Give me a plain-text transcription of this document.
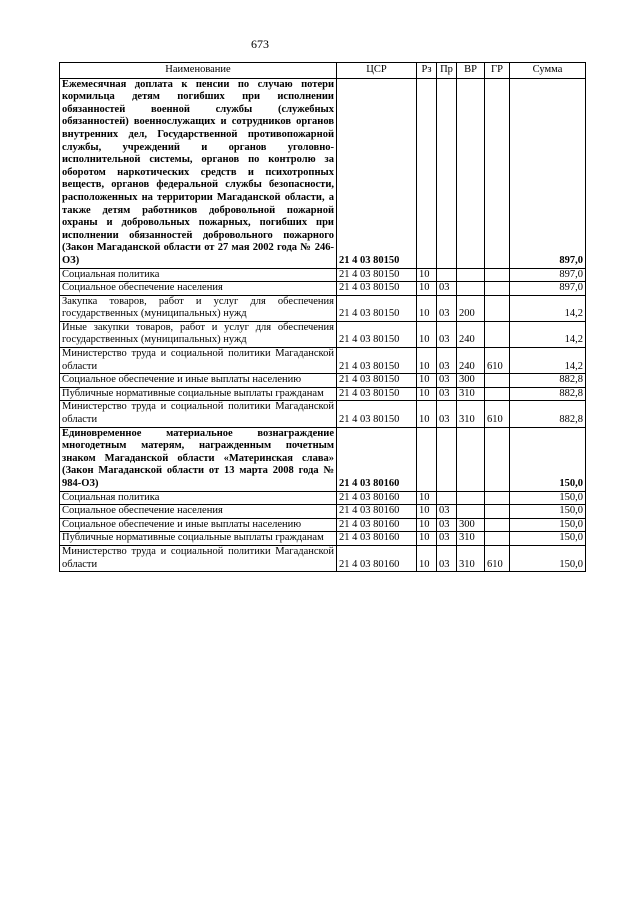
673
Наименование	ЦСР	Рз	Пр	ВР	ГР	Сумма
Ежемесячная доплата к пенсии по случаю потери кормильца детям погибших при исполнении обязанностей военной службы (служебных обязанностей) военнослужащих и сотрудников органов внутренних дел, Государственной противопожарной службы, учреждений и органов уголовно-исполнительной системы, органов по контролю за оборотом наркотических средств и психотропных веществ, органов федеральной службы безопасности, расположенных на территории Магаданской области, а также детям работников добровольной пожарной охраны и добровольных пожарных, погибших при исполнении обязанностей добровольного пожарного (Закон Магаданской области от 27 мая 2002 года № 246-ОЗ)	21 4 03 80150					897,0
Социальная политика	21 4 03 80150	10				897,0
Социальное обеспечение населения	21 4 03 80150	10	03			897,0
Закупка товаров, работ и услуг для обеспечения государственных (муниципальных) нужд	21 4 03 80150	10	03	200		14,2
Иные закупки товаров, работ и услуг для обеспечения государственных (муниципальных) нужд	21 4 03 80150	10	03	240		14,2
Министерство труда и социальной политики Магаданской области	21 4 03 80150	10	03	240	610	14,2
Социальное обеспечение и иные выплаты населению	21 4 03 80150	10	03	300		882,8
Публичные нормативные социальные выплаты гражданам	21 4 03 80150	10	03	310		882,8
Министерство труда и социальной политики Магаданской области	21 4 03 80150	10	03	310	610	882,8
Единовременное материальное вознаграждение многодетным матерям, награжденным почетным знаком Магаданской области «Материнская слава» (Закон Магаданской области от 13 марта 2008 года № 984-ОЗ)	21 4 03 80160					150,0
Социальная политика	21 4 03 80160	10				150,0
Социальное обеспечение населения	21 4 03 80160	10	03			150,0
Социальное обеспечение и иные выплаты населению	21 4 03 80160	10	03	300		150,0
Публичные нормативные социальные выплаты гражданам	21 4 03 80160	10	03	310		150,0
Министерство труда и социальной политики Магаданской области	21 4 03 80160	10	03	310	610	150,0
